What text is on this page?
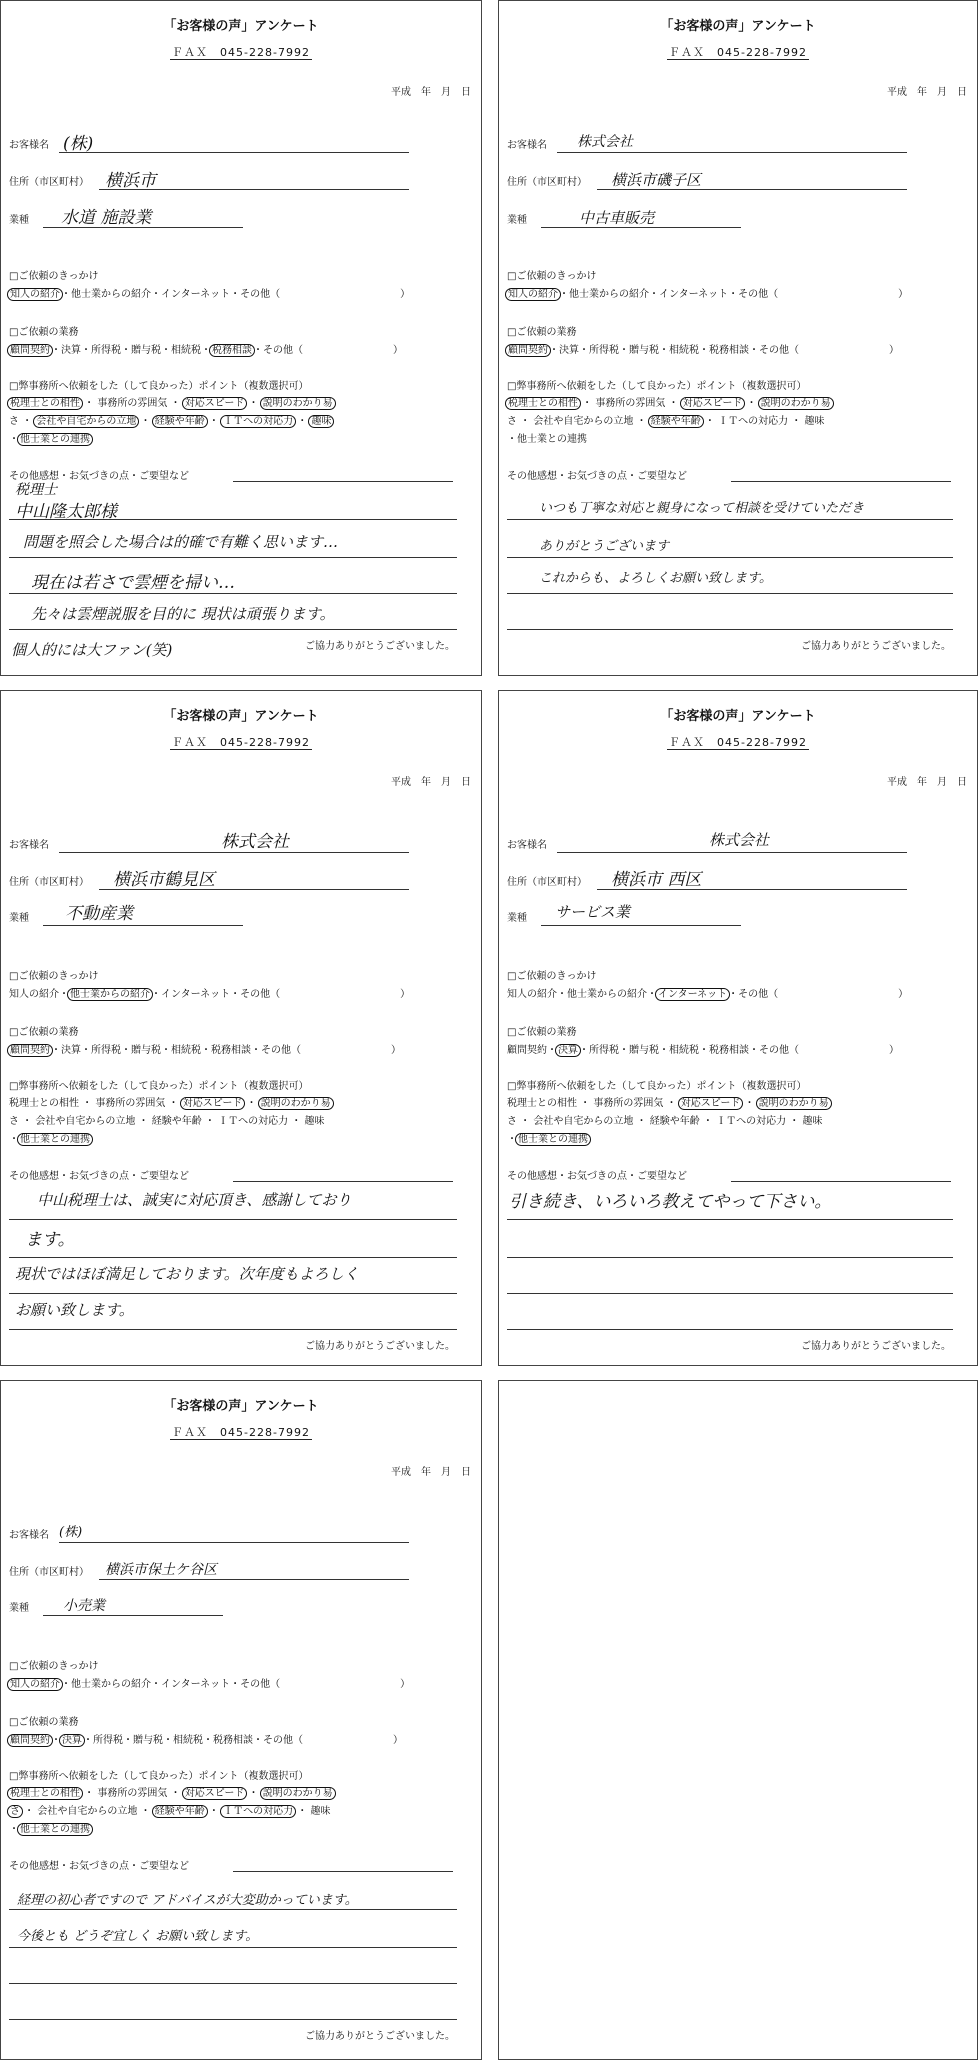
「お客様の声」アンケート
ＦＡＸ　045-228-7992
平成　年　月　日
お客様名 (株)
住所（市区町村） 横浜市
業種 水道 施設業
□ご依頼のきっかけ
知人の紹介・他士業からの紹介・インターネット・その他（　　　　　　　　　　　　）
□ご依頼の業務
顧問契約・決算・所得税・贈与税・相続税・税務相談・その他（　　　　　　　　　）
□弊事務所へ依頼をした（して良かった）ポイント（複数選択可）
税理士との相性 ・ 事務所の雰囲気 ・ 対応スピード ・ 説明のわかり易
さ ・ 会社や自宅からの立地 ・ 経験や年齢 ・ ＩＴへの対応力 ・ 趣味
・他士業との連携
その他感想・お気づきの点・ご要望など
税理士
中山隆太郎様
問題を照会した場合は的確で有難く思います…
現在は若さで雲煙を掃い…
先々は雲煙説服を目的に 現状は頑張ります。
個人的には大ファン(笑)	ご協力ありがとうございました。
「お客様の声」アンケート
ＦＡＸ　045-228-7992
平成　年　月　日
お客様名 株式会社
住所（市区町村） 横浜市磯子区
業種	中古車販売
□ご依頼のきっかけ
知人の紹介・他士業からの紹介・インターネット・その他（　　　　　　　　　　　　）
□ご依頼の業務
顧問契約・決算・所得税・贈与税・相続税・税務相談・その他（　　　　　　　　　）
□弊事務所へ依頼をした（して良かった）ポイント（複数選択可）
税理士との相性 ・ 事務所の雰囲気 ・ 対応スピード ・ 説明のわかり易
さ ・ 会社や自宅からの立地 ・ 経験や年齢 ・ ＩＴへの対応力 ・ 趣味
・他士業との連携
その他感想・お気づきの点・ご要望など
いつも丁寧な対応と親身になって相談を受けていただき
ありがとうございます
これからも、よろしくお願い致します。
ご協力ありがとうございました。
「お客様の声」アンケート
ＦＡＸ　045-228-7992
平成　年　月　日
お客様名	株式会社
住所（市区町村） 横浜市鶴見区
業種 不動産業
□ご依頼のきっかけ
知人の紹介・他士業からの紹介・インターネット・その他（　　　　　　　　　　　　）
□ご依頼の業務
顧問契約・決算・所得税・贈与税・相続税・税務相談・その他（　　　　　　　　　）
□弊事務所へ依頼をした（して良かった）ポイント（複数選択可）
税理士との相性 ・ 事務所の雰囲気 ・ 対応スピード ・ 説明のわかり易
さ ・ 会社や自宅からの立地 ・ 経験や年齢 ・ ＩＴへの対応力 ・ 趣味
・他士業との連携
その他感想・お気づきの点・ご要望など
中山税理士は、誠実に対応頂き、感謝しており
ます。
現状ではほぼ満足しております。次年度もよろしく
お願い致します。
ご協力ありがとうございました。
「お客様の声」アンケート
ＦＡＸ　045-228-7992
平成　年　月　日
お客様名	株式会社
住所（市区町村） 横浜市 西区
業種 サービス業
□ご依頼のきっかけ
知人の紹介・他士業からの紹介・インターネット・その他（　　　　　　　　　　　　）
□ご依頼の業務
顧問契約・決算・所得税・贈与税・相続税・税務相談・その他（　　　　　　　　　）
□弊事務所へ依頼をした（して良かった）ポイント（複数選択可）
税理士との相性 ・ 事務所の雰囲気 ・ 対応スピード ・ 説明のわかり易
さ ・ 会社や自宅からの立地 ・ 経験や年齢 ・ ＩＴへの対応力 ・ 趣味
・他士業との連携
その他感想・お気づきの点・ご要望など
引き続き、いろいろ教えてやって下さい。
ご協力ありがとうございました。
「お客様の声」アンケート
ＦＡＸ　045-228-7992
平成　年　月　日
お客様名 (株)
住所（市区町村） 横浜市保土ケ谷区
業種 小売業
□ご依頼のきっかけ
知人の紹介・他士業からの紹介・インターネット・その他（　　　　　　　　　　　　）
□ご依頼の業務
顧問契約・決算・所得税・贈与税・相続税・税務相談・その他（　　　　　　　　　）
□弊事務所へ依頼をした（して良かった）ポイント（複数選択可）
税理士との相性 ・ 事務所の雰囲気 ・ 対応スピード ・ 説明のわかり易
さ ・ 会社や自宅からの立地 ・ 経験や年齢 ・ ＩＴへの対応力 ・ 趣味
・他士業との連携
その他感想・お気づきの点・ご要望など
経理の初心者ですので アドバイスが大変助かっています。
今後とも どうぞ宜しく お願い致します。
ご協力ありがとうございました。
